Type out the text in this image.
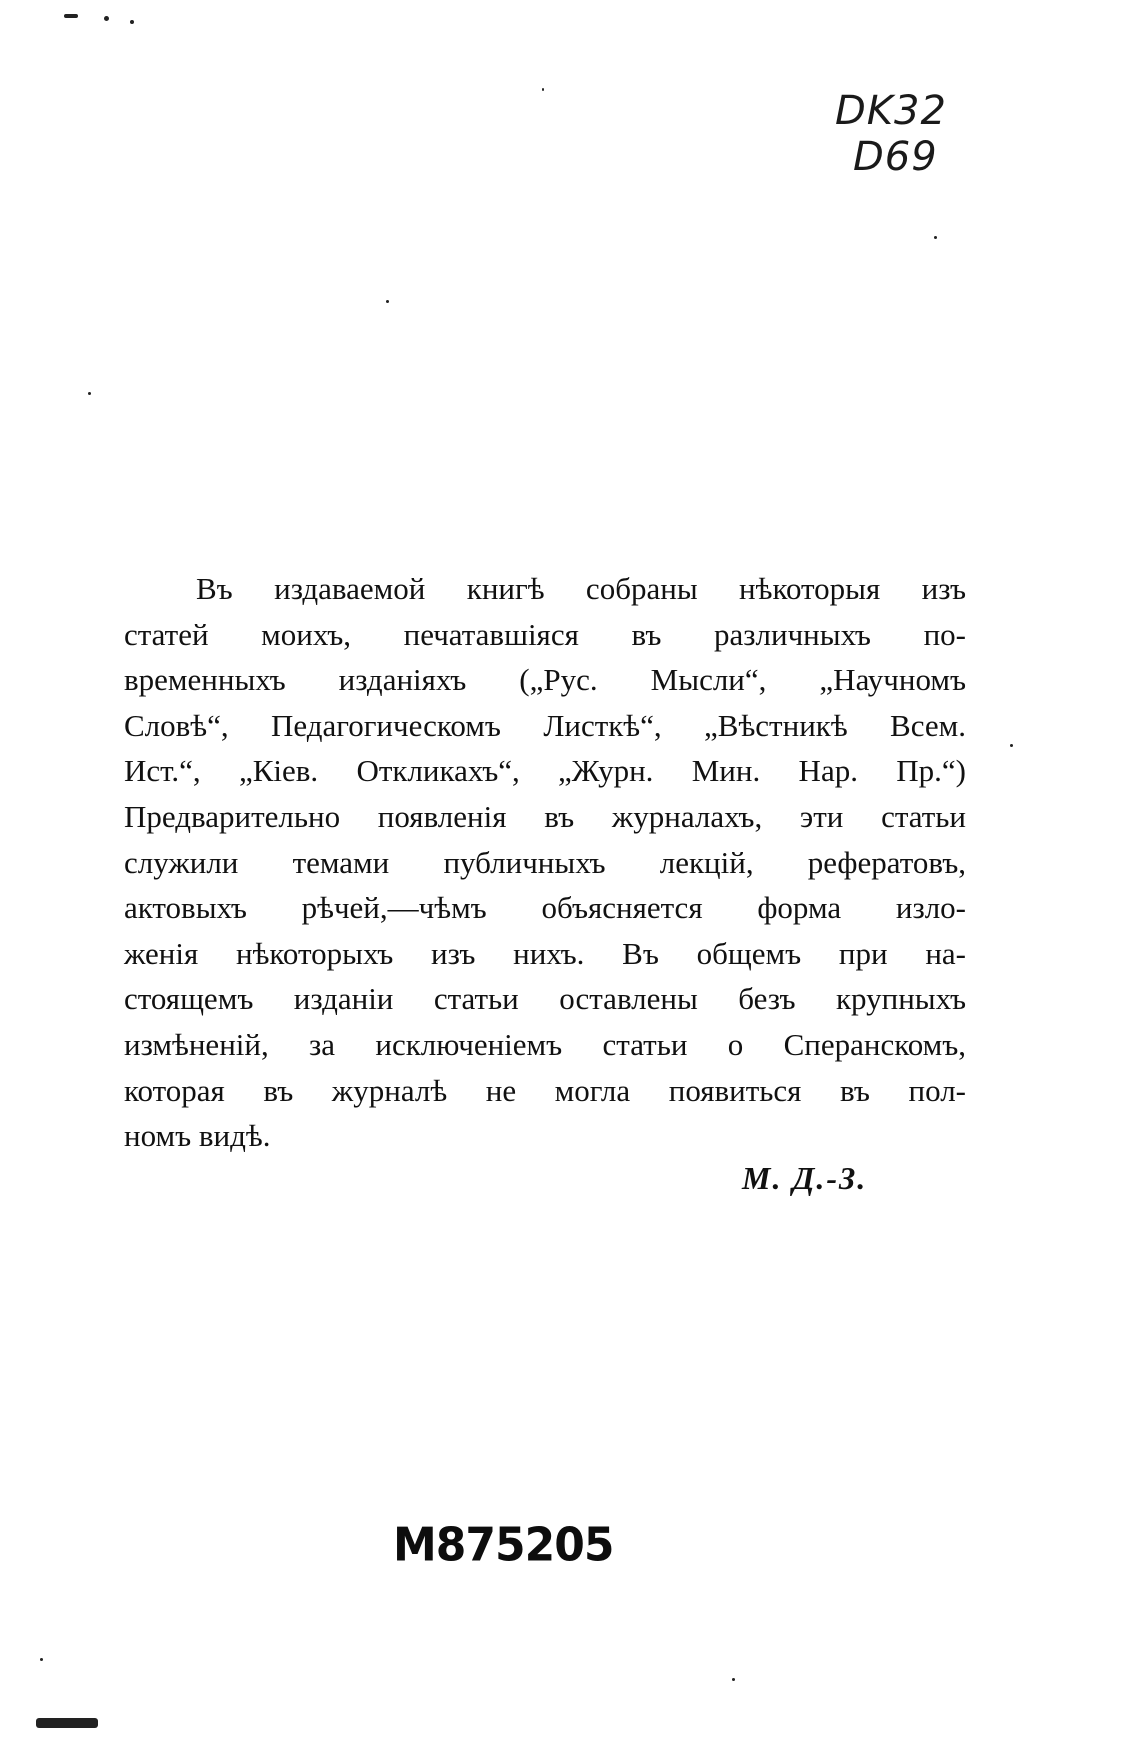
DK32
D69
Въ издаваемой книгѣ собраны нѣкоторыя изъ
статей моихъ, печатавшіяся въ различныхъ по-
временныхъ изданіяхъ („Рус. Мысли“, „Научномъ
Словѣ“, Педагогическомъ Листкѣ“, „Вѣстникѣ Всем.
Ист.“, „Кіев. Откликахъ“, „Журн. Мин. Нар. Пр.“)
Предварительно появленія въ журналахъ, эти статьи
служили темами публичныхъ лекцій, рефератовъ,
актовыхъ рѣчей,—чѣмъ объясняется форма изло-
женія нѣкоторыхъ изъ нихъ. Въ общемъ при на-
стоящемъ изданіи статьи оставлены безъ крупныхъ
измѣненій, за исключеніемъ статьи о Сперанскомъ,
которая въ журналѣ не могла появиться въ пол-
номъ видѣ.
М. Д.-З.
M875205
